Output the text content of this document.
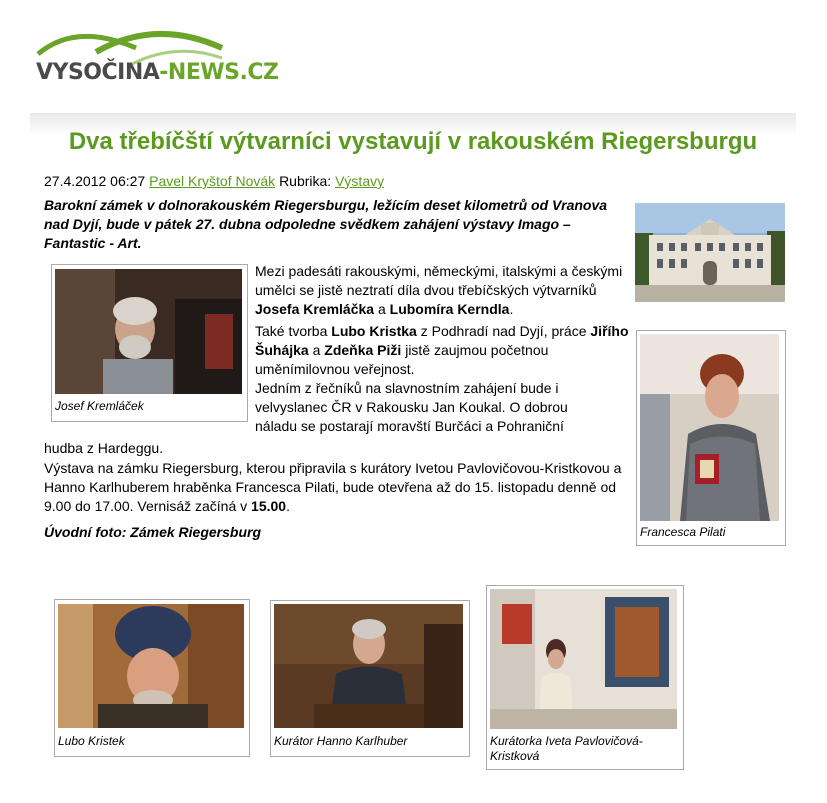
VYSOČINA-NEWS.CZ
Dva třebíčští výtvarníci vystavují v rakouském Riegersburgu
27.4.2012 06:27 Pavel Kryštof Novák Rubrika: Výstavy
Barokní zámek v dolnorakouském Riegersburgu, ležícím deset kilometrů od Vranova nad Dyjí, bude v pátek 27. dubna odpoledne svědkem zahájení výstavy Imago – Fantastic - Art.
Josef Kremláček
Mezi padesáti rakouskými, německými, italskými a českými umělci se jistě neztratí díla dvou třebíčských výtvarníků Josefa Kremláčka a Lubomíra Kerndla.
Také tvorba Lubo Kristka z Podhradí nad Dyjí, práce Jiřího Šuhájka a Zdeňka Piži jistě zaujmou početnou uměnímilovnou veřejnost.
Jedním z řečníků na slavnostním zahájení bude i
velvyslanec ČR v Rakousku Jan Koukal. O dobrou
náladu se postarají moravští Burčáci a Pohraniční
hudba z Hardeggu.
Výstava na zámku Riegersburg, kterou připravila s kurátory Ivetou Pavlovičovou-Kristkovou a Hanno Karlhuberem hraběnka Francesca Pilati, bude otevřena až do 15. listopadu denně od 9.00 do 17.00. Vernisáž začíná v 15.00.
Úvodní foto: Zámek Riegersburg	Francesca Pilati
Lubo Kristek	Kurátor Hanno Karlhuber	Kurátorka Iveta Pavlovičová-Kristková
